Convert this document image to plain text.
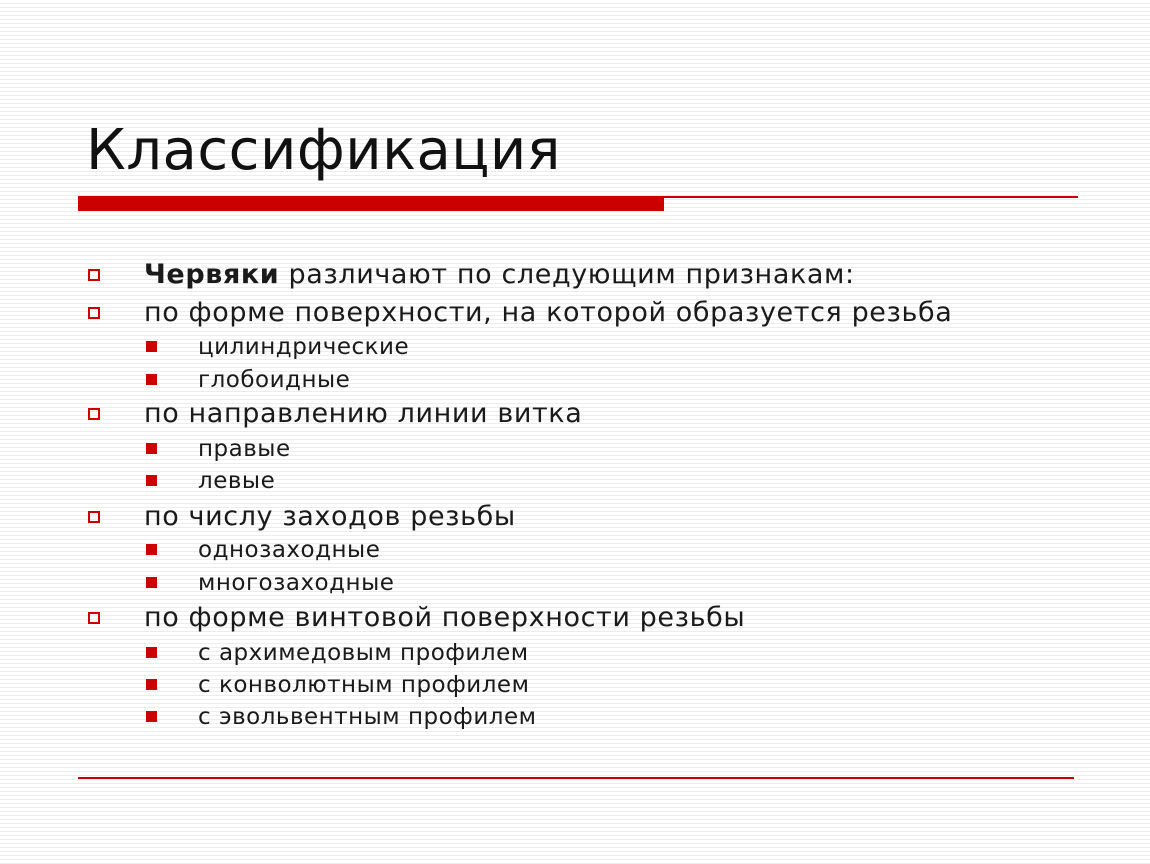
Классификация
Червяки различают по следующим признакам:
по форме поверхности, на которой образуется резьба
цилиндрические
глобоидные
по направлению линии витка
правые
левые
по числу заходов резьбы
однозаходные
многозаходные
по форме винтовой поверхности резьбы
с архимедовым профилем
с конволютным профилем
с эвольвентным профилем
